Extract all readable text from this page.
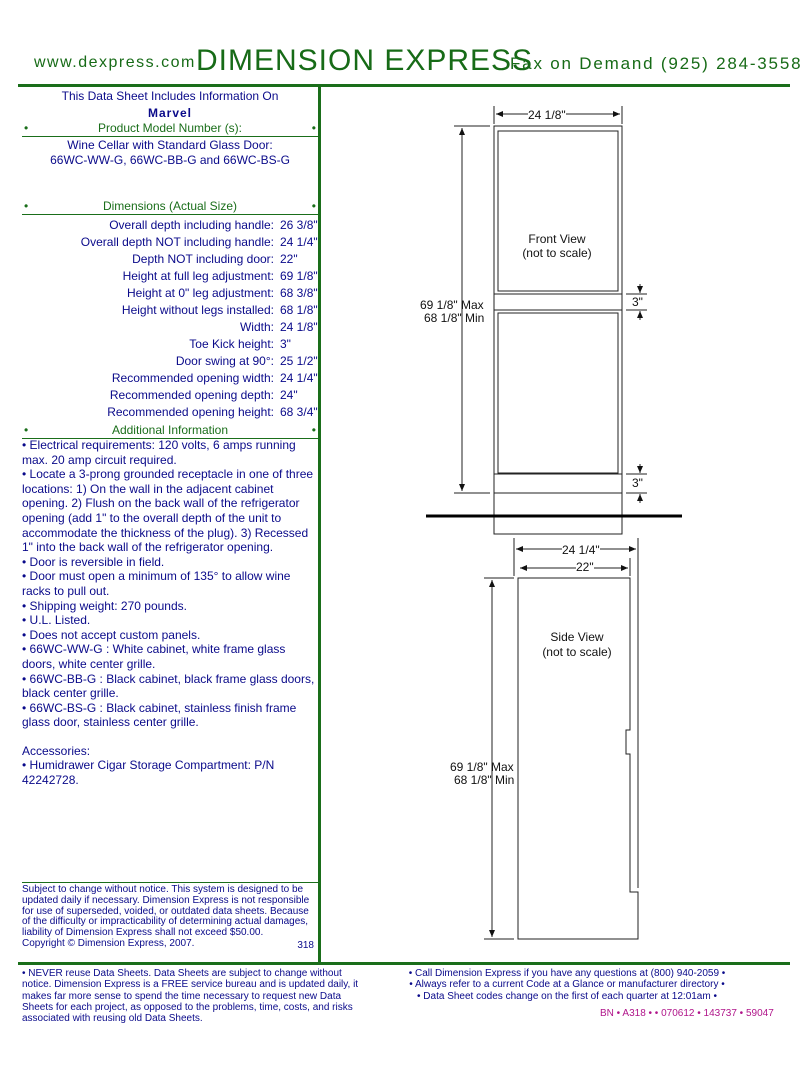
www.dexpress.com DIMENSION EXPRESS
Fax on Demand (925) 284-3558
This Data Sheet Includes Information On
Marvel
•	Product Model Number (s):	•
Wine Cellar with Standard Glass Door:
66WC-WW-G, 66WC-BB-G and 66WC-BS-G
•	Dimensions (Actual Size)	•
Overall depth including handle: 26 3/8"
Overall depth NOT including handle: 24 1/4"
Depth NOT including door: 22"
Height at full leg adjustment: 69 1/8"
Height at 0" leg adjustment: 68 3/8"
Height without legs installed: 68 1/8"
Width: 24 1/8"
Toe Kick height: 3"
Door swing at 90°: 25 1/2"
Recommended opening width: 24 1/4"
Recommended opening depth: 24"
Recommended opening height: 68 3/4"
•	Additional Information	•

• Electrical requirements: 120 volts, 6 amps running max. 20 amp circuit required.

• Locate a 3-prong grounded receptacle in one of three locations: 1) On the wall in the adjacent cabinet opening. 2) Flush on the back wall of the refrigerator opening (add 1" to the overall depth of the unit to accommodate the thickness of the plug). 3) Recessed 1" into the back wall of the refrigerator opening.

• Door is reversible in field.

• Door must open a minimum of 135° to allow wine racks to pull out.

• Shipping weight: 270 pounds.

• U.L. Listed.

• Does not accept custom panels.

• 66WC-WW-G : White cabinet, white frame glass doors, white center grille.

• 66WC-BB-G : Black cabinet, black frame glass doors, black center grille.

• 66WC-BS-G : Black cabinet, stainless finish frame glass door, stainless center grille.

Accessories:

• Humidrawer Cigar Storage Compartment: P/N 42242728.

Subject to change without notice. This system is designed to be updated daily if necessary. Dimension Express is not responsible for use of superseded, voided, or outdated data sheets. Because of the difficulty or impracticability of determining actual damages, liability of Dimension Express shall not exceed $50.00.
Copyright © Dimension Express, 2007.	318
24 1/8"
Front View
(not to scale)
69 1/8" Max
68 1/8" Min
3"
3"
24 1/4"
22"
Side View
(not to scale)
69 1/8" Max
68 1/8" Min
• NEVER reuse Data Sheets. Data Sheets are subject to change without notice. Dimension Express is a FREE service bureau and is updated daily, it makes far more sense to spend the time necessary to request new Data Sheets for each project, as opposed to the problems, time, costs, and risks associated with reusing old Data Sheets.
• Call Dimension Express if you have any questions at (800) 940-2059 •
• Always refer to a current Code at a Glance or manufacturer directory •
• Data Sheet codes change on the first of each quarter at 12:01am •
BN • A318 • • 070612 • 143737 • 59047
